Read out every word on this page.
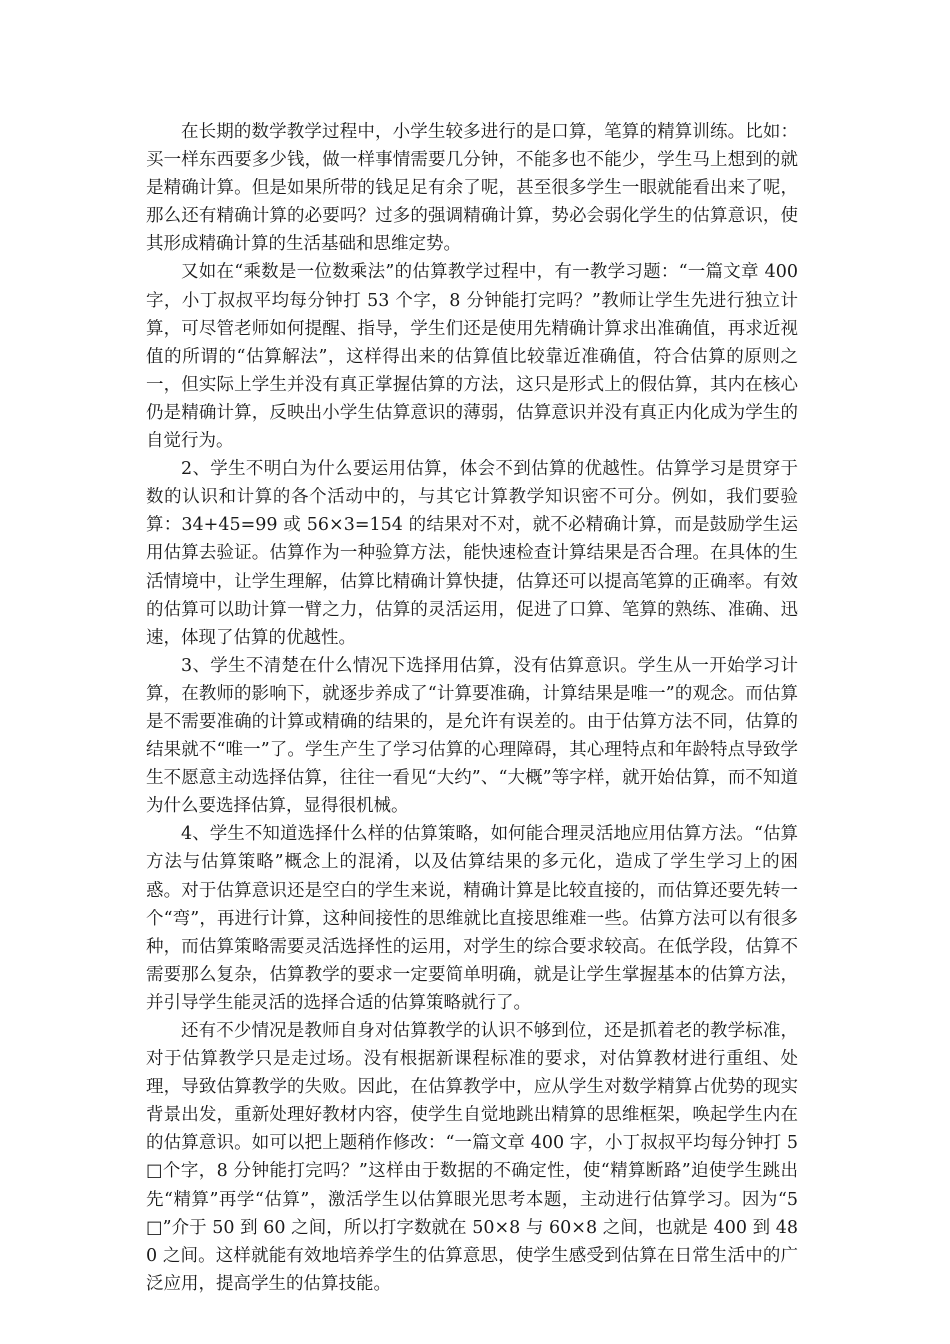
在长期的数学教学过程中，小学生较多进行的是口算，笔算的精算训练。比如：买一样东西要多少钱，做一样事情需要几分钟，不能多也不能少，学生马上想到的就是精确计算。但是如果所带的钱足足有余了呢，甚至很多学生一眼就能看出来了呢，那么还有精确计算的必要吗？过多的强调精确计算，势必会弱化学生的估算意识，使其形成精确计算的生活基础和思维定势。

又如在“乘数是一位数乘法”的估算教学过程中，有一教学习题：“一篇文章 400 字，小丁叔叔平均每分钟打 53 个字，8 分钟能打完吗？”教师让学生先进行独立计算，可尽管老师如何提醒、指导，学生们还是使用先精确计算求出准确值，再求近视值的所谓的“估算解法”，这样得出来的估算值比较靠近准确值，符合估算的原则之一，但实际上学生并没有真正掌握估算的方法，这只是形式上的假估算，其内在核心仍是精确计算，反映出小学生估算意识的薄弱，估算意识并没有真正内化成为学生的自觉行为。

2、学生不明白为什么要运用估算，体会不到估算的优越性。估算学习是贯穿于数的认识和计算的各个活动中的，与其它计算教学知识密不可分。例如，我们要验算：34+45=99 或 56×3=154 的结果对不对，就不必精确计算，而是鼓励学生运用估算去验证。估算作为一种验算方法，能快速检查计算结果是否合理。在具体的生活情境中，让学生理解，估算比精确计算快捷，估算还可以提高笔算的正确率。有效的估算可以助计算一臂之力，估算的灵活运用，促进了口算、笔算的熟练、准确、迅速，体现了估算的优越性。

3、学生不清楚在什么情况下选择用估算，没有估算意识。学生从一开始学习计算，在教师的影响下，就逐步养成了“计算要准确，计算结果是唯一”的观念。而估算是不需要准确的计算或精确的结果的，是允许有误差的。由于估算方法不同，估算的结果就不“唯一”了。学生产生了学习估算的心理障碍，其心理特点和年龄特点导致学生不愿意主动选择估算，往往一看见“大约”、“大概”等字样，就开始估算，而不知道为什么要选择估算，显得很机械。

4、学生不知道选择什么样的估算策略，如何能合理灵活地应用估算方法。“估算方法与估算策略”概念上的混淆，以及估算结果的多元化，造成了学生学习上的困惑。对于估算意识还是空白的学生来说，精确计算是比较直接的，而估算还要先转一个“弯”，再进行计算，这种间接性的思维就比直接思维难一些。估算方法可以有很多种，而估算策略需要灵活选择性的运用，对学生的综合要求较高。在低学段，估算不需要那么复杂，估算教学的要求一定要简单明确，就是让学生掌握基本的估算方法，并引导学生能灵活的选择合适的估算策略就行了。

还有不少情况是教师自身对估算教学的认识不够到位，还是抓着老的教学标准，对于估算教学只是走过场。没有根据新课程标准的要求，对估算教材进行重组、处理，导致估算教学的失败。因此，在估算教学中，应从学生对数学精算占优势的现实背景出发，重新处理好教材内容，使学生自觉地跳出精算的思维框架，唤起学生内在的估算意识。如可以把上题稍作修改：“一篇文章 400 字，小丁叔叔平均每分钟打 5□个字，8 分钟能打完吗？”这样由于数据的不确定性，使“精算断路”迫使学生跳出先“精算”再学“估算”，激活学生以估算眼光思考本题，主动进行估算学习。因为“5□”介于 50 到 60 之间，所以打字数就在 50×8 与 60×8 之间，也就是 400 到 480 之间。这样就能有效地培养学生的估算意思，使学生感受到估算在日常生活中的广泛应用，提高学生的估算技能。
